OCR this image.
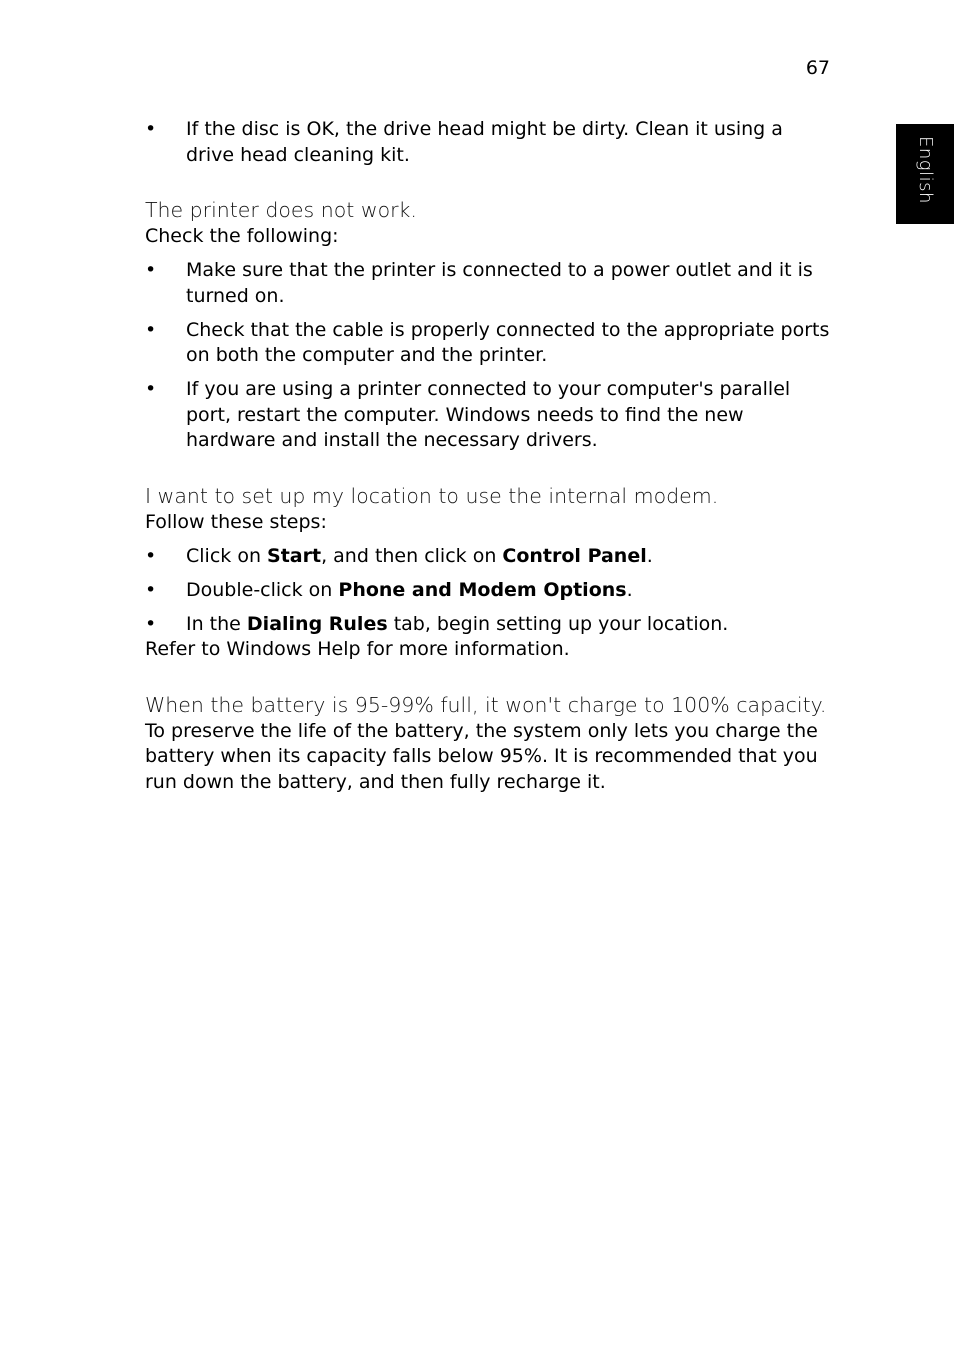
67
English
• If the disc is OK, the drive head might be dirty. Clean it using a drive head cleaning kit.

The printer does not work.

Check the following:

• Make sure that the printer is connected to a power outlet and it is turned on.
• Check that the cable is properly connected to the appropriate ports on both the computer and the printer.
• If you are using a printer connected to your computer's parallel port, restart the computer. Windows needs to find the new hardware and install the necessary drivers.

I want to set up my location to use the internal modem.

Follow these steps:

• Click on Start, and then click on Control Panel.
• Double-click on Phone and Modem Options.
• In the Dialing Rules tab, begin setting up your location.

Refer to Windows Help for more information.

When the battery is 95-99% full, it won't charge to 100% capacity.

To preserve the life of the battery, the system only lets you charge the battery when its capacity falls below 95%. It is recommended that you run down the battery, and then fully recharge it.
